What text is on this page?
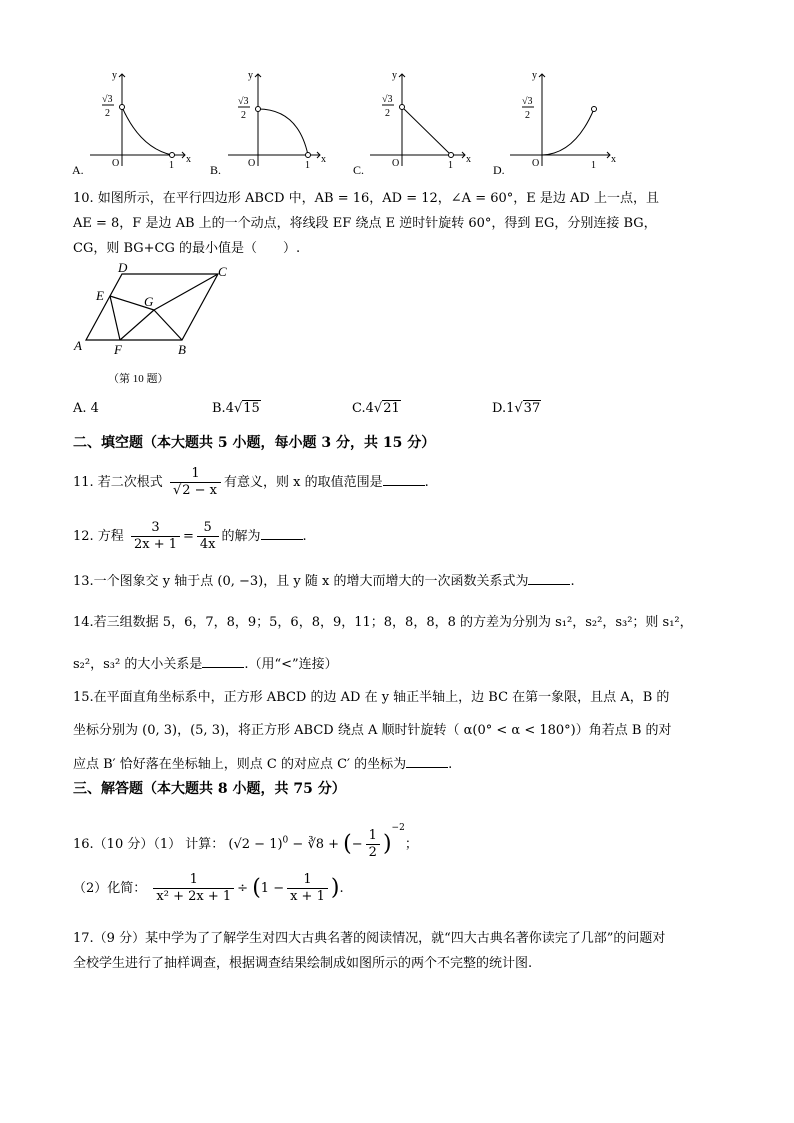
y
x
O	1
√3
2
y
x
O	1
√3
2
y
x
O	1
√3
2
y
x
O	1
√3
2
A.	B.	C.	D.
10. 如图所示，在平行四边形 ABCD 中，AB = 16，AD = 12，∠A = 60°，E 是边 AD 上一点，且
AE = 8，F 是边 AB 上的一个动点，将线段 EF 绕点 E 逆时针旋转 60°，得到 EG，分别连接 BG，
CG，则 BG+CG 的最小值是（　　）.
A	B
C
D
E
F
G
（第 10 题）
A. 4	B.4√15	C.4√21	D.1√37
二、填空题（本大题共 5 小题，每小题 3 分，共 15 分）
11. 若二次根式 $\frac{1}{√2 - x}$ 有意义，则 x 的取值范围是	.
12. 方程 $\frac{3}{2x + 1} = \frac{5}{4x}$ 的解为	.
13.一个图象交 y 轴于点 (0, −3)，且 y 随 x 的增大而增大的一次函数关系式为	.
14.若三组数据 5，6，7，8，9；5，6，8，9，11；8，8，8，8 的方差为分别为 s₁²，s₂²，s₃²；则 s₁²，
s₂²，s₃² 的大小关系是	.（用“<”连接）
15.在平面直角坐标系中，正方形 ABCD 的边 AD 在 y 轴正半轴上，边 BC 在第一象限，且点 A，B 的
坐标分别为 (0, 3)，(5, 3)，将正方形 ABCD 绕点 A 顺时针旋转（ α(0° < α < 180°)）角若点 B 的对
应点 B′ 恰好落在坐标轴上，则点 C 的对应点 C′ 的坐标为	.
三、解答题（本大题共 8 小题，共 75 分）
16.（10 分）（1） 计算： $(√2 - 1)^0$ − ∛8 + (− $\frac{1}{2} )^{-2}$；
（2）化简： $\frac{1}{\text{x² + 2x + 1}} \div (1 - \frac{1}{x + 1}$ ).
17.（9 分）某中学为了了解学生对四大古典名著的阅读情况，就“四大古典名著你读完了几部”的问题对
全校学生进行了抽样调查，根据调查结果绘制成如图所示的两个不完整的统计图.
